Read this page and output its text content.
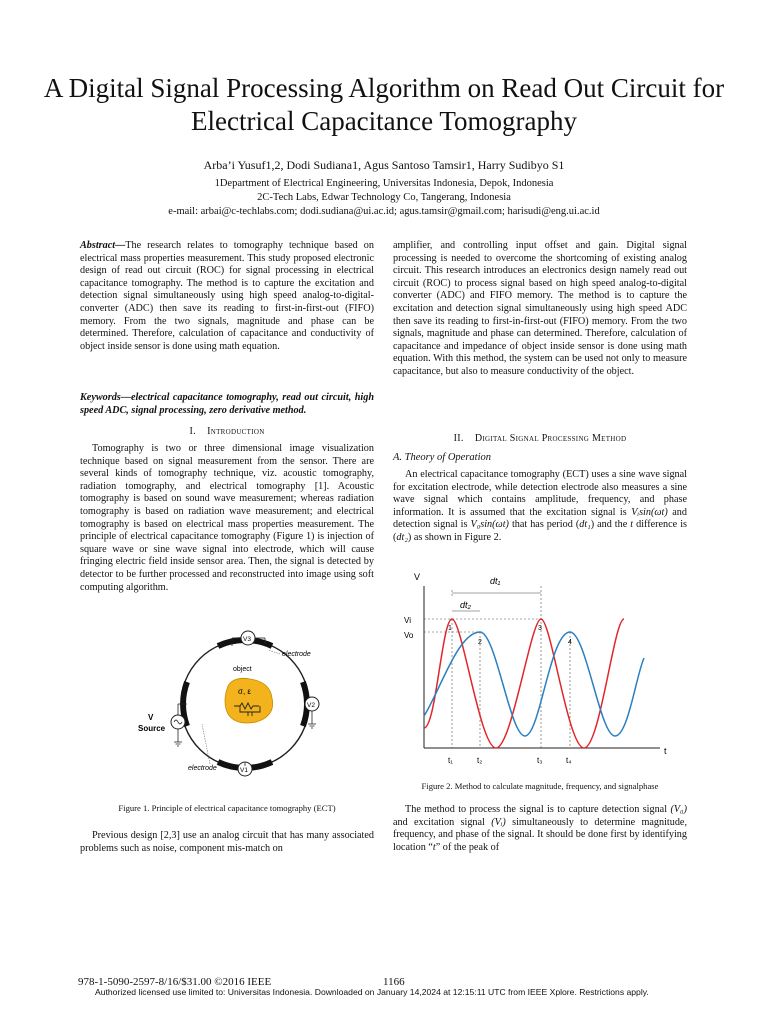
A Digital Signal Processing Algorithm on Read Out Circuit for Electrical Capacitance Tomography
Arba’i Yusuf1,2, Dodi Sudiana1, Agus Santoso Tamsir1, Harry Sudibyo S1
1Department of Electrical Engineering, Universitas Indonesia, Depok, Indonesia
2C-Tech Labs, Edwar Technology Co, Tangerang, Indonesia
e-mail: arbai@c-techlabs.com; dodi.sudiana@ui.ac.id; agus.tamsir@gmail.com; harisudi@eng.ui.ac.id

Abstract—The research relates to tomography technique based on electrical mass properties measurement. This study proposed electronic design of read out circuit (ROC) for signal processing in electrical capacitance tomography. The method is to capture the excitation and detection signal simultaneously using high speed analog-to-digital-converter (ADC) then save its reading to first-in-first-out (FIFO) memory. From the two signals, magnitude and phase can be determined. Therefore, calculation of capacitance and conductivity of object inside sensor is done using math equation.

Keywords—electrical capacitance tomography, read out circuit, high speed ADC, signal processing, zero derivative method.

I. Introduction
Tomography is two or three dimensional image visualization technique based on signal measurement from the sensor. There are several kinds of tomography technique, viz. acoustic tomography, radiation tomography, and electrical tomography [1]. Acoustic tomography is based on sound wave measurement; whereas radiation tomography is based on radiation wave measurement; and electrical tomography is based on electrical mass properties measurement. The principle of electrical capacitance tomography (Figure 1) is injection of square wave or sine wave signal into electrode, which will cause fringing electric field inside sensor area. Then, the signal is detected by detector to be further processed and reconstructed into image using soft computing algorithm.
σ, ε
object
V3
V2
V1
V
Source
electrode
electrode
Figure 1. Principle of electrical capacitance tomography (ECT)
Previous design [2,3] use an analog circuit that has many associated problems such as noise, component mis-match on
amplifier, and controlling input offset and gain. Digital signal processing is needed to overcome the shortcoming of existing analog circuit. This research introduces an electronics design namely read out circuit (ROC) to process signal based on high speed analog-to-digital converter (ADC) and FIFO memory. The method is to capture the excitation and detection signal simultaneously using high speed ADC then save its reading to first-in-first-out (FIFO) memory. From the two signals, magnitude and phase can determined. Therefore, calculation of capacitance and impedance of object inside sensor is done using math equation. With this method, the system can be used not only to measure capacitance, but also to measure conductivity of the object.
II. Digital Signal Processing Method
A. Theory of Operation
An electrical capacitance tomography (ECT) uses a sine wave signal for excitation electrode, while detection electrode also measures a sine wave signal which contains amplitude, frequency, and phase information. It is assumed that the excitation signal is Vᵢsin(ωt) and detection signal is V₀sin(ωt) that has period (dt₁) and the t difference is (dt₂) as shown in Figure 2.
V
t
Vi
Vo
dt₁
dt₂
1
2
3
4
t₁	t₂	t₃	t₄
Figure 2. Method to calculate magnitude, frequency, and signalphase
The method to process the signal is to capture detection signal (V₀) and excitation signal (Vᵢ) simultaneously to determine magnitude, frequency, and phase of the signal. It should be done first by identifying location “t” of the peak of
978-1-5090-2597-8/16/$31.00 ©2016 IEEE	1166
Authorized licensed use limited to: Universitas Indonesia. Downloaded on January 14,2024 at 12:15:11 UTC from IEEE Xplore. Restrictions apply.
